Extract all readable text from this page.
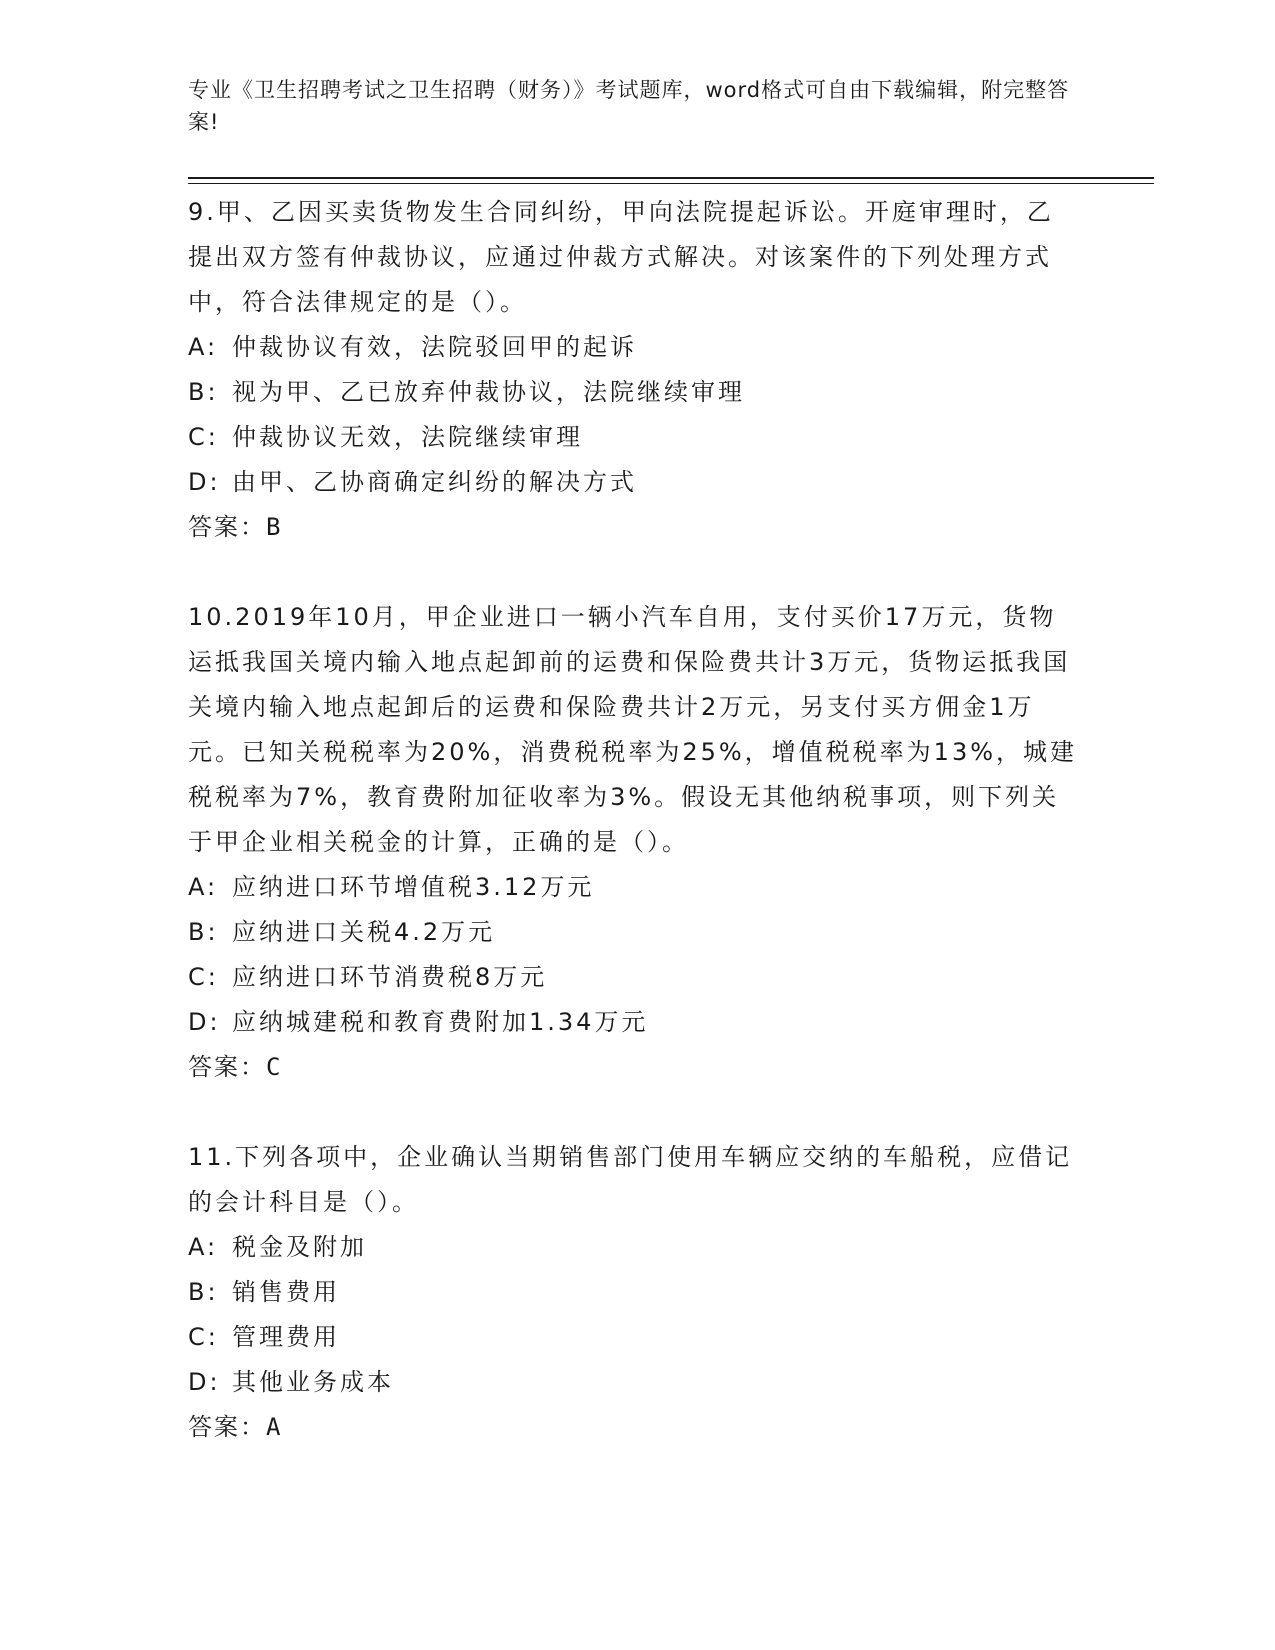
专业《卫生招聘考试之卫生招聘（财务）》考试题库，word格式可自由下载编辑，附完整答案!

9.甲、乙因买卖货物发生合同纠纷，甲向法院提起诉讼。开庭审理时，乙提出双方签有仲裁协议，应通过仲裁方式解决。对该案件的下列处理方式中，符合法律规定的是（）。

A: 仲裁协议有效，法院驳回甲的起诉

B: 视为甲、乙已放弃仲裁协议，法院继续审理

C: 仲裁协议无效，法院继续审理

D: 由甲、乙协商确定纠纷的解决方式

答案：B

10.2019年10月，甲企业进口一辆小汽车自用，支付买价17万元，货物运抵我国关境内输入地点起卸前的运费和保险费共计3万元，货物运抵我国关境内输入地点起卸后的运费和保险费共计2万元，另支付买方佣金1万元。已知关税税率为20%，消费税税率为25%，增值税税率为13%，城建税税率为7%，教育费附加征收率为3%。假设无其他纳税事项，则下列关于甲企业相关税金的计算，正确的是（）。

A: 应纳进口环节增值税3.12万元

B: 应纳进口关税4.2万元

C: 应纳进口环节消费税8万元

D: 应纳城建税和教育费附加1.34万元

答案：C

11.下列各项中，企业确认当期销售部门使用车辆应交纳的车船税，应借记的会计科目是（）。

A: 税金及附加

B: 销售费用

C: 管理费用

D: 其他业务成本

答案：A
